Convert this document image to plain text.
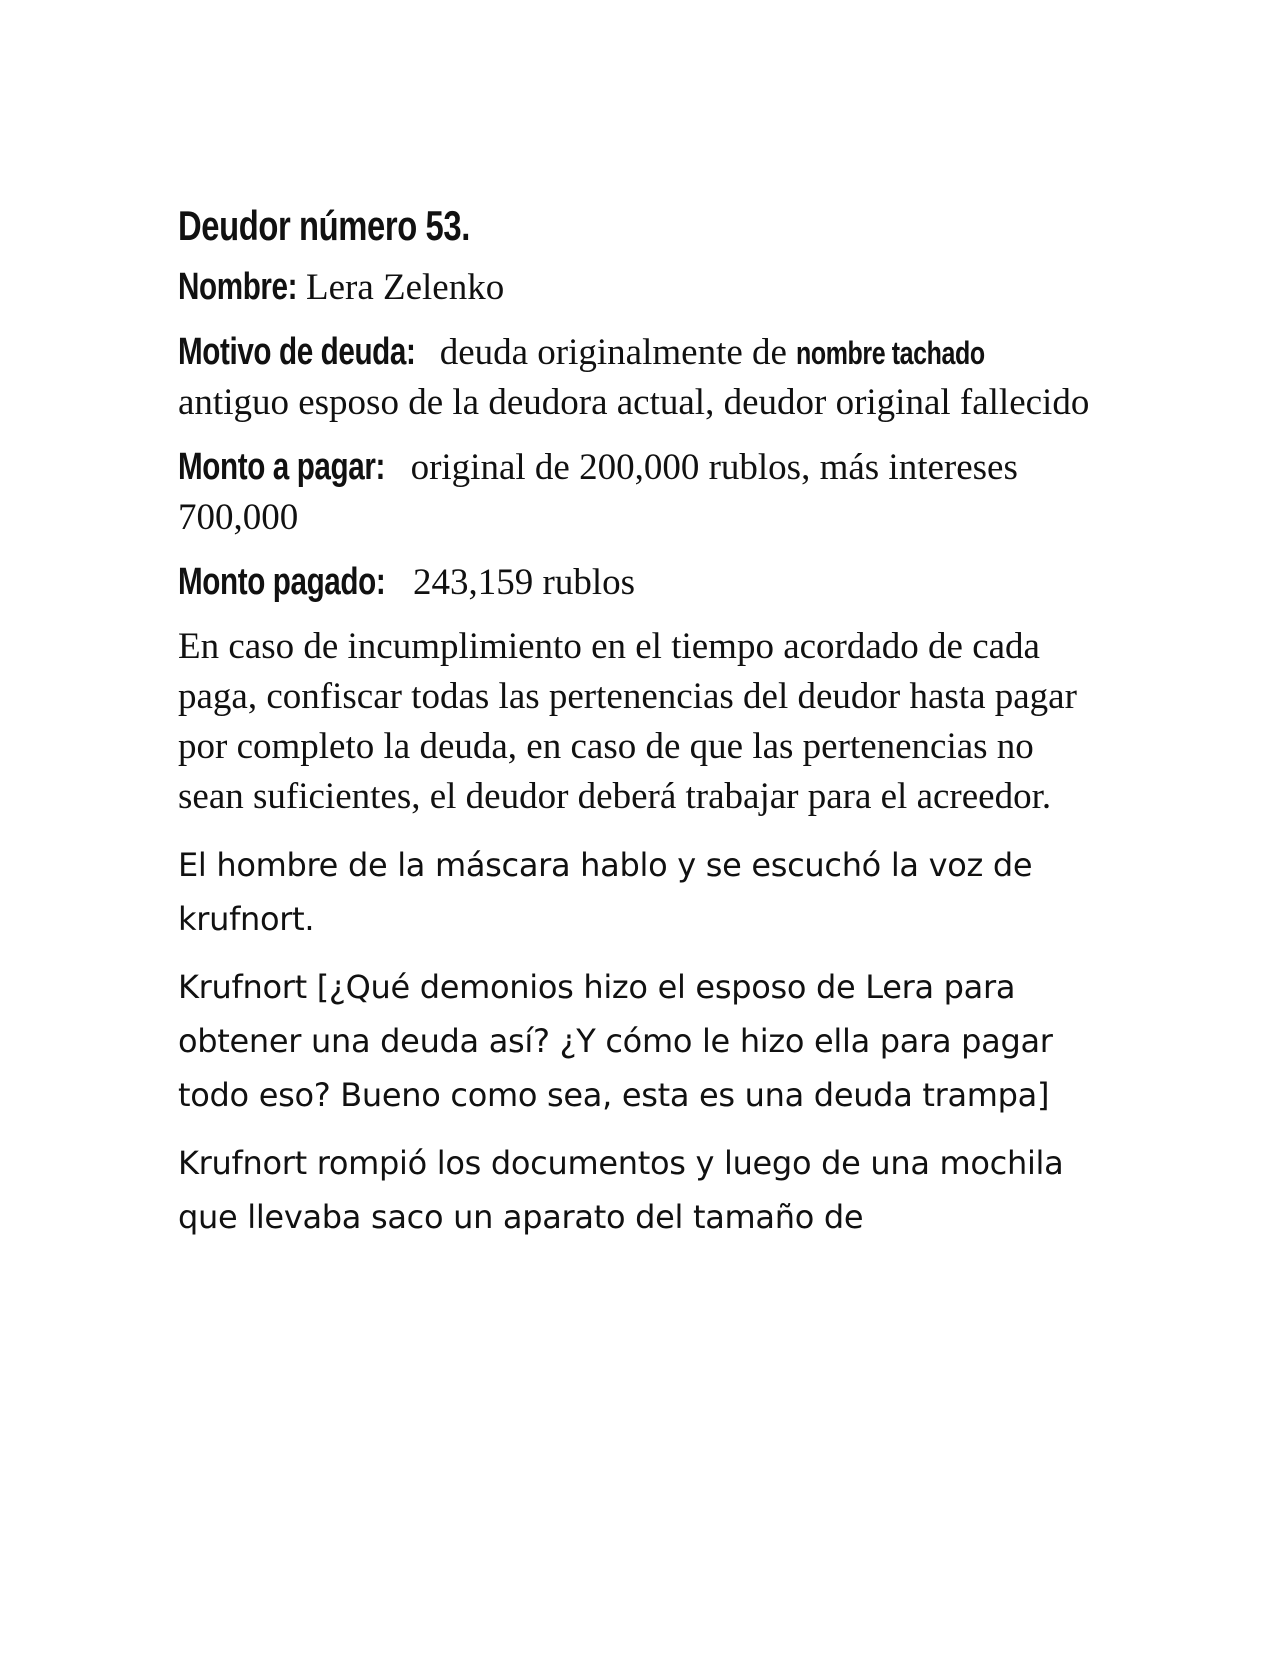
Deudor número 53.

Nombre: Lera Zelenko

Motivo de deuda: deuda originalmente de nombre tachado antiguo esposo de la deudora actual, deudor original fallecido

Monto a pagar: original de 200,000 rublos, más intereses 700,000

Monto pagado: 243,159 rublos

En caso de incumplimiento en el tiempo acordado de cada paga, confiscar todas las pertenencias del deudor hasta pagar por completo la deuda, en caso de que las pertenencias no sean suficientes, el deudor deberá trabajar para el acreedor.

El hombre de la máscara hablo y se escuchó la voz de krufnort.

Krufnort [¿Qué demonios hizo el esposo de Lera para obtener una deuda así? ¿Y cómo le hizo ella para pagar todo eso? Bueno como sea, esta es una deuda trampa]

Krufnort rompió los documentos y luego de una mochila que llevaba saco un aparato del tamaño de
